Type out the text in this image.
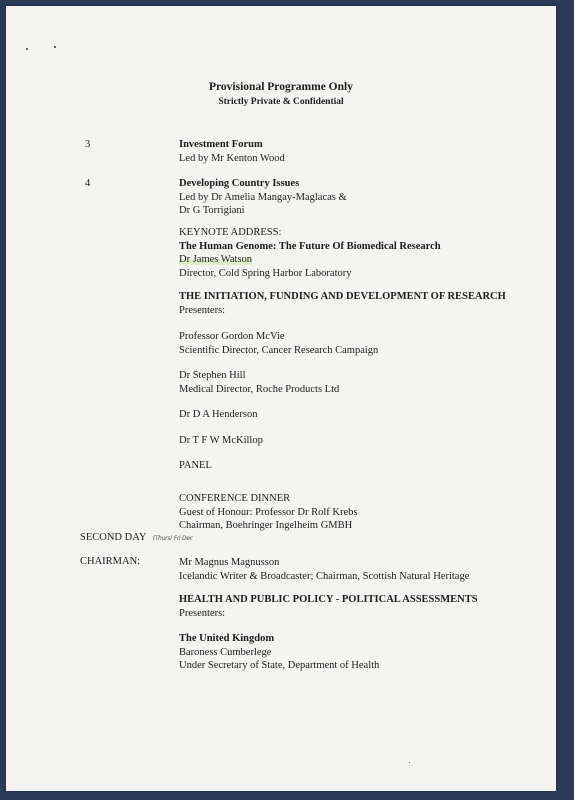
Provisional Programme Only
Strictly Private & Confidential
3	Investment Forum
Led by Mr Kenton Wood
4	Developing Country Issues
Led by Dr Amelia Mangay-Maglacas &
Dr G Torrigiani
KEYNOTE ADDRESS:
The Human Genome: The Future Of Biomedical Research
Dr James Watson
Director, Cold Spring Harbor Laboratory
THE INITIATION, FUNDING AND DEVELOPMENT OF RESEARCH
Presenters:
Professor Gordon McVie
Scientific Director, Cancer Research Campaign
Dr Stephen Hill
Medical Director, Roche Products Ltd
Dr D A Henderson
Dr T F W McKillop
PANEL
CONFERENCE DINNER
Guest of Honour: Professor Dr Rolf Krebs
Chairman, Boehringer Ingelheim GMBH
SECOND DAY (Thurs) Fri Dec
CHAIRMAN:	Mr Magnus Magnusson
Icelandic Writer & Broadcaster; Chairman, Scottish Natural Heritage
HEALTH AND PUBLIC POLICY - POLITICAL ASSESSMENTS
Presenters:
The United Kingdom
Baroness Cumberlege
Under Secretary of State, Department of Health
